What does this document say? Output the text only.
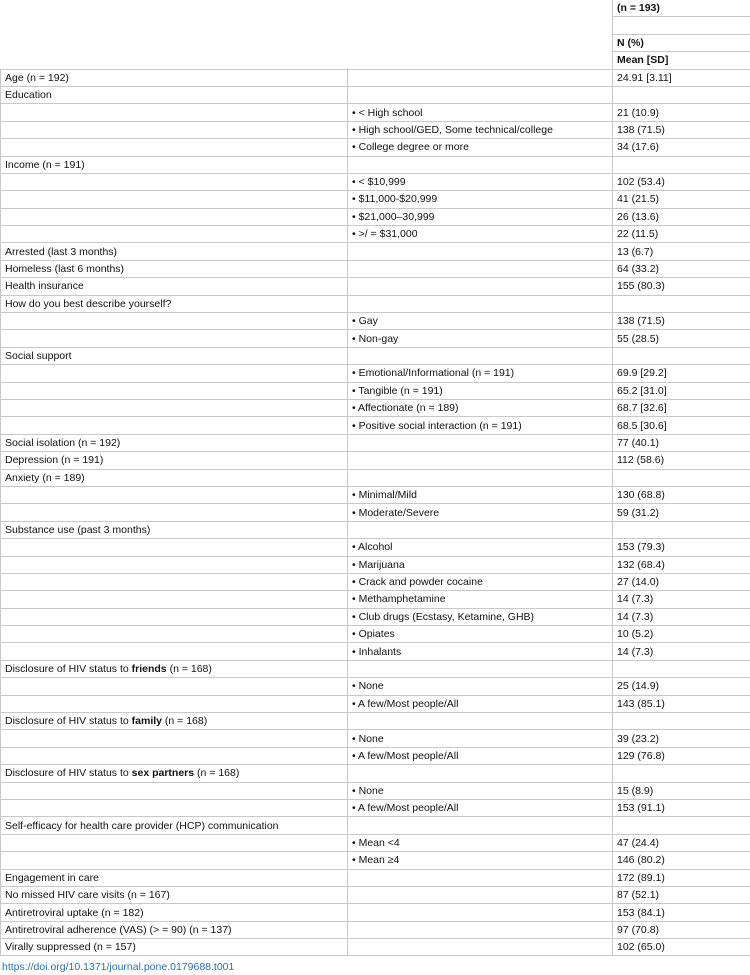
		(n = 193)

		N (%)
		Mean [SD]
Age (n = 192)		24.91 [3.11]
Education		
	• < High school	21 (10.9)
	• High school/GED, Some technical/college	138 (71.5)
	• College degree or more	34 (17.6)
Income (n = 191)		
	• < $10,999	102 (53.4)
	• $11,000-$20,999	41 (21.5)
	• $21,000–30,999	26 (13.6)
	• >/ = $31,000	22 (11.5)
Arrested (last 3 months)		13 (6.7)
Homeless (last 6 months)		64 (33.2)
Health insurance		155 (80.3)
How do you best describe yourself?		
	• Gay	138 (71.5)
	• Non-gay	55 (28.5)
Social support		
	• Emotional/Informational (n = 191)	69.9 [29.2]
	• Tangible (n = 191)	65.2 [31.0]
	• Affectionate (n = 189)	68.7 [32.6]
	• Positive social interaction (n = 191)	68.5 [30.6]
Social isolation (n = 192)		77 (40.1)
Depression (n = 191)		112 (58.6)
Anxiety (n = 189)		
	• Minimal/Mild	130 (68.8)
	• Moderate/Severe	59 (31.2)
Substance use (past 3 months)		
	• Alcohol	153 (79.3)
	• Marijuana	132 (68.4)
	• Crack and powder cocaine	27 (14.0)
	• Methamphetamine	14 (7.3)
	• Club drugs (Ecstasy, Ketamine, GHB)	14 (7.3)
	• Opiates	10 (5.2)
	• Inhalants	14 (7.3)
Disclosure of HIV status to friends (n = 168)		
	• None	25 (14.9)
	• A few/Most people/All	143 (85.1)
Disclosure of HIV status to family (n = 168)		
	• None	39 (23.2)
	• A few/Most people/All	129 (76.8)
Disclosure of HIV status to sex partners (n = 168)		
	• None	15 (8.9)
	• A few/Most people/All	153 (91.1)
Self-efficacy for health care provider (HCP) communication		
	• Mean <4	47 (24.4)
	• Mean ≥4	146 (80.2)
Engagement in care		172 (89.1)
No missed HIV care visits (n = 167)		87 (52.1)
Antiretroviral uptake (n = 182)		153 (84.1)
Antiretroviral adherence (VAS) (> = 90) (n = 137)		97 (70.8)
Virally suppressed (n = 157)		102 (65.0)
https://doi.org/10.1371/journal.pone.0179688.t001
